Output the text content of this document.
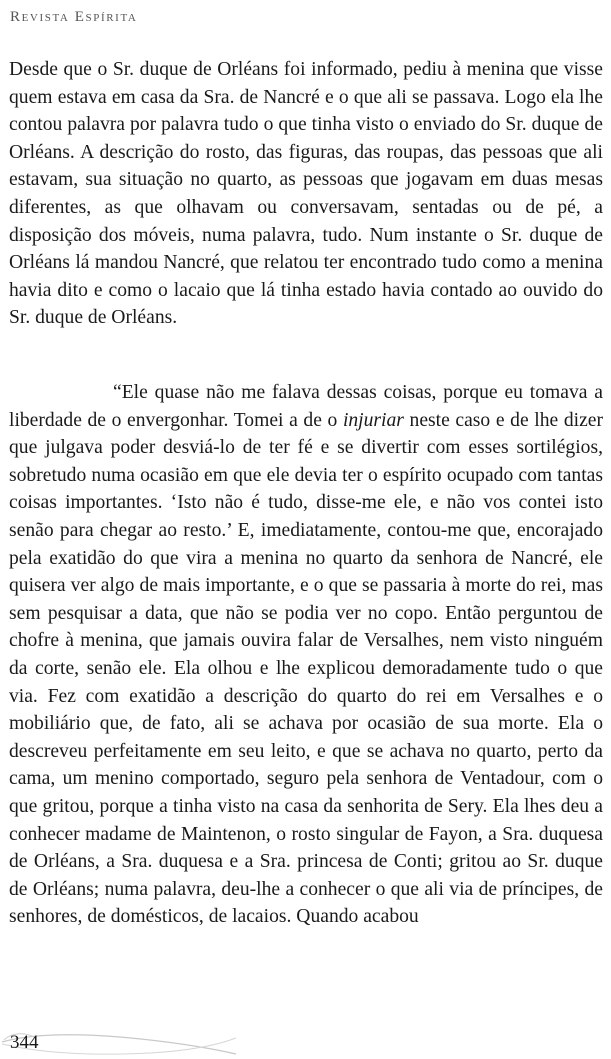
Revista Espírita
Desde que o Sr. duque de Orléans foi informado, pediu à menina que visse quem estava em casa da Sra. de Nancré e o que ali se passava. Logo ela lhe contou palavra por palavra tudo o que tinha visto o enviado do Sr. duque de Orléans. A descrição do rosto, das figuras, das roupas, das pessoas que ali estavam, sua situação no quarto, as pessoas que jogavam em duas mesas diferentes, as que olhavam ou conversavam, sentadas ou de pé, a disposição dos móveis, numa palavra, tudo. Num instante o Sr. duque de Orléans lá mandou Nancré, que relatou ter encontrado tudo como a menina havia dito e como o lacaio que lá tinha estado havia contado ao ouvido do Sr. duque de Orléans.
“Ele quase não me falava dessas coisas, porque eu tomava a liberdade de o envergonhar. Tomei a de o injuriar neste caso e de lhe dizer que julgava poder desviá-lo de ter fé e se divertir com esses sortilégios, sobretudo numa ocasião em que ele devia ter o espírito ocupado com tantas coisas importantes. ‘Isto não é tudo, disse-me ele, e não vos contei isto senão para chegar ao resto.’ E, imediatamente, contou-me que, encorajado pela exatidão do que vira a menina no quarto da senhora de Nancré, ele quisera ver algo de mais importante, e o que se passaria à morte do rei, mas sem pesquisar a data, que não se podia ver no copo. Então perguntou de chofre à menina, que jamais ouvira falar de Versalhes, nem visto ninguém da corte, senão ele. Ela olhou e lhe explicou demoradamente tudo o que via. Fez com exatidão a descrição do quarto do rei em Versalhes e o mobiliário que, de fato, ali se achava por ocasião de sua morte. Ela o descreveu perfeitamente em seu leito, e que se achava no quarto, perto da cama, um menino comportado, seguro pela senhora de Ventadour, com o que gritou, porque a tinha visto na casa da senhorita de Sery. Ela lhes deu a conhecer madame de Maintenon, o rosto singular de Fayon, a Sra. duquesa de Orléans, a Sra. duquesa e a Sra. princesa de Conti; gritou ao Sr. duque de Orléans; numa palavra, deu-lhe a conhecer o que ali via de príncipes, de senhores, de domésticos, de lacaios. Quando acabou
344
